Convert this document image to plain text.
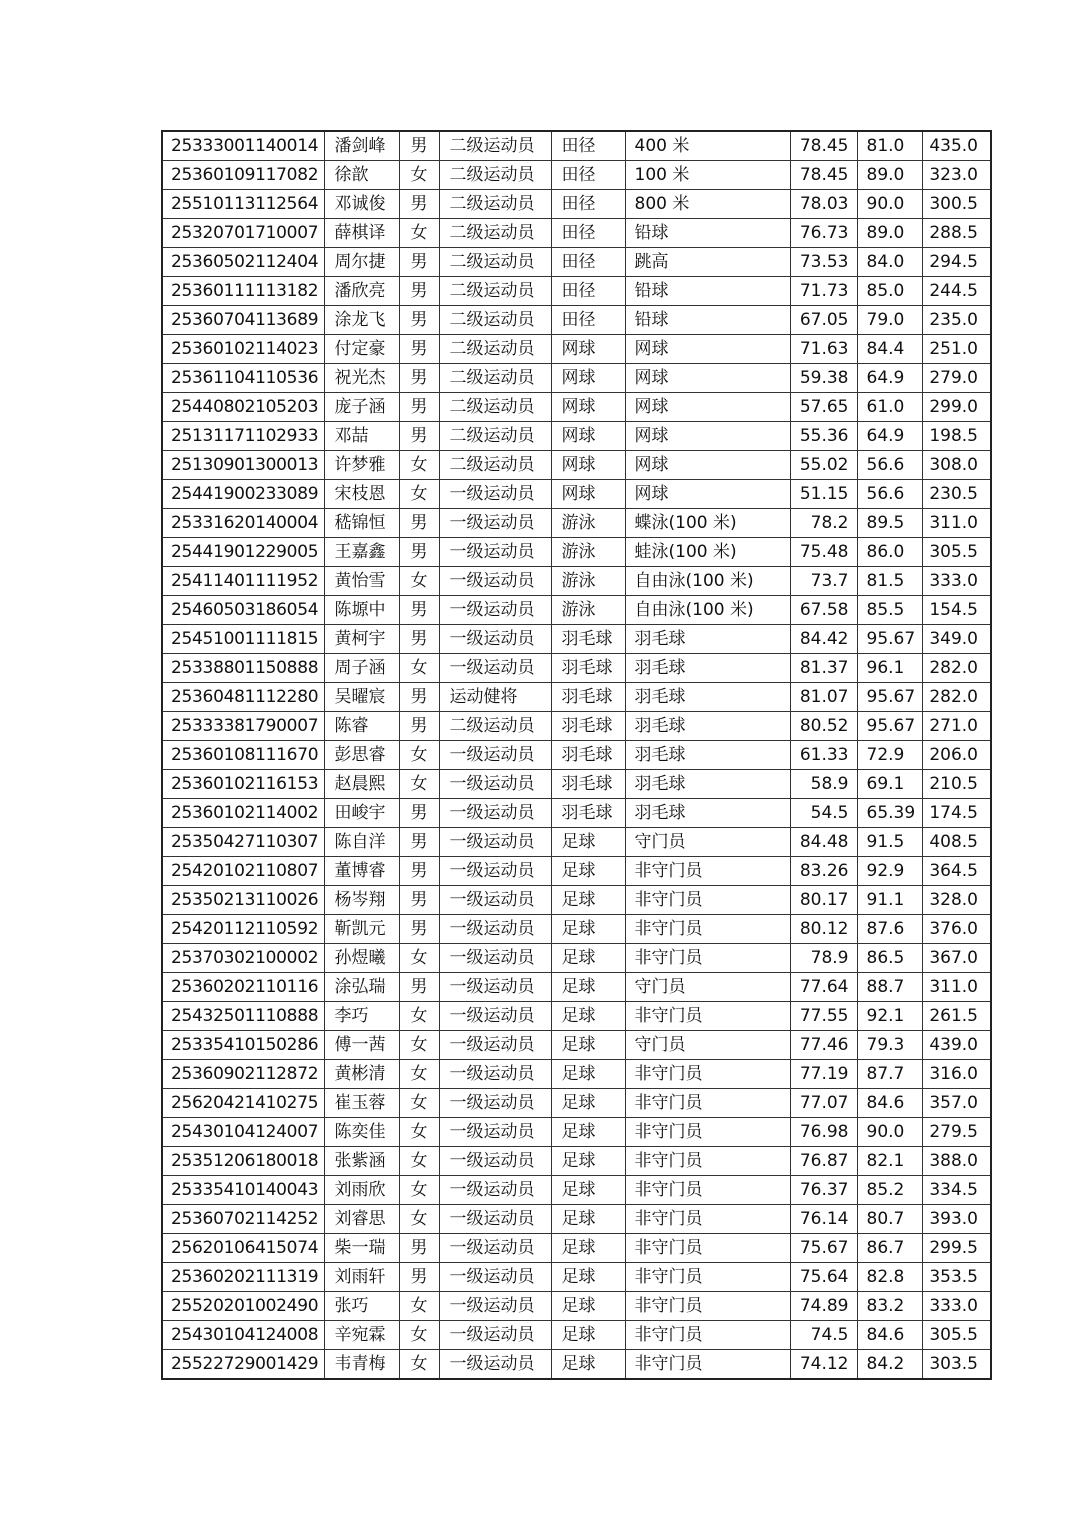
25333001140014	潘剑峰	男	二级运动员	田径	400 米	78.45	81.0	435.0
25360109117082	徐歆	女	二级运动员	田径	100 米	78.45	89.0	323.0
25510113112564	邓诚俊	男	二级运动员	田径	800 米	78.03	90.0	300.5
25320701710007	薛棋译	女	二级运动员	田径	铅球	76.73	89.0	288.5
25360502112404	周尔捷	男	二级运动员	田径	跳高	73.53	84.0	294.5
25360111113182	潘欣亮	男	二级运动员	田径	铅球	71.73	85.0	244.5
25360704113689	涂龙飞	男	二级运动员	田径	铅球	67.05	79.0	235.0
25360102114023	付定豪	男	二级运动员	网球	网球	71.63	84.4	251.0
25361104110536	祝光杰	男	二级运动员	网球	网球	59.38	64.9	279.0
25440802105203	庞子涵	男	二级运动员	网球	网球	57.65	61.0	299.0
25131171102933	邓喆	男	二级运动员	网球	网球	55.36	64.9	198.5
25130901300013	许梦雅	女	二级运动员	网球	网球	55.02	56.6	308.0
25441900233089	宋枝恩	女	一级运动员	网球	网球	51.15	56.6	230.5
25331620140004	嵇锦恒	男	一级运动员	游泳	蝶泳(100 米)	78.2	89.5	311.0
25441901229005	王嘉鑫	男	一级运动员	游泳	蛙泳(100 米)	75.48	86.0	305.5
25411401111952	黄怡雪	女	一级运动员	游泳	自由泳(100 米)	73.7	81.5	333.0
25460503186054	陈塬中	男	一级运动员	游泳	自由泳(100 米)	67.58	85.5	154.5
25451001111815	黄柯宇	男	一级运动员	羽毛球	羽毛球	84.42	95.67	349.0
25338801150888	周子涵	女	一级运动员	羽毛球	羽毛球	81.37	96.1	282.0
25360481112280	吴曜宸	男	运动健将	羽毛球	羽毛球	81.07	95.67	282.0
25333381790007	陈睿	男	二级运动员	羽毛球	羽毛球	80.52	95.67	271.0
25360108111670	彭思睿	女	一级运动员	羽毛球	羽毛球	61.33	72.9	206.0
25360102116153	赵晨熙	女	一级运动员	羽毛球	羽毛球	58.9	69.1	210.5
25360102114002	田峻宇	男	一级运动员	羽毛球	羽毛球	54.5	65.39	174.5
25350427110307	陈自洋	男	一级运动员	足球	守门员	84.48	91.5	408.5
25420102110807	董博睿	男	一级运动员	足球	非守门员	83.26	92.9	364.5
25350213110026	杨岑翔	男	一级运动员	足球	非守门员	80.17	91.1	328.0
25420112110592	靳凯元	男	一级运动员	足球	非守门员	80.12	87.6	376.0
25370302100002	孙煜曦	女	一级运动员	足球	非守门员	78.9	86.5	367.0
25360202110116	涂弘瑞	男	一级运动员	足球	守门员	77.64	88.7	311.0
25432501110888	李巧	女	一级运动员	足球	非守门员	77.55	92.1	261.5
25335410150286	傅一茜	女	一级运动员	足球	守门员	77.46	79.3	439.0
25360902112872	黄彬清	女	一级运动员	足球	非守门员	77.19	87.7	316.0
25620421410275	崔玉蓉	女	一级运动员	足球	非守门员	77.07	84.6	357.0
25430104124007	陈奕佳	女	一级运动员	足球	非守门员	76.98	90.0	279.5
25351206180018	张紫涵	女	一级运动员	足球	非守门员	76.87	82.1	388.0
25335410140043	刘雨欣	女	一级运动员	足球	非守门员	76.37	85.2	334.5
25360702114252	刘睿思	女	一级运动员	足球	非守门员	76.14	80.7	393.0
25620106415074	柴一瑞	男	一级运动员	足球	非守门员	75.67	86.7	299.5
25360202111319	刘雨轩	男	一级运动员	足球	非守门员	75.64	82.8	353.5
25520201002490	张巧	女	一级运动员	足球	非守门员	74.89	83.2	333.0
25430104124008	辛宛霖	女	一级运动员	足球	非守门员	74.5	84.6	305.5
25522729001429	韦青梅	女	一级运动员	足球	非守门员	74.12	84.2	303.5
